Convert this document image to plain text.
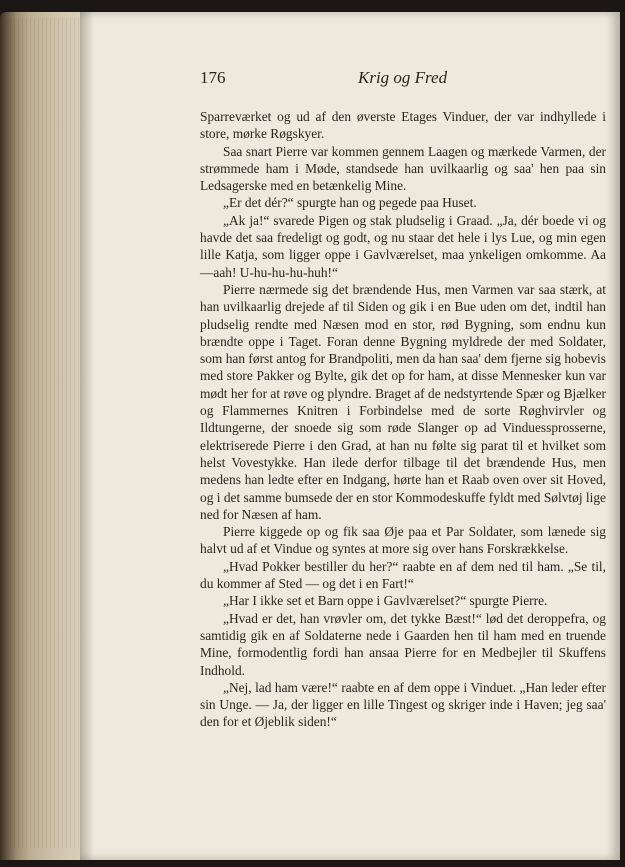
176	Krig og Fred

Sparreværket og ud af den øverste Etages Vinduer, der var indhyllede i store, mørke Røgskyer.

Saa snart Pierre var kommen gennem Laagen og mærkede Varmen, der strømmede ham i Møde, standsede han uvilkaarlig og saa' hen paa sin Ledsagerske med en betænkelig Mine.

„Er det dér?“ spurgte han og pegede paa Huset.

„Ak ja!“ svarede Pigen og stak pludselig i Graad. „Ja, dér boede vi og havde det saa fredeligt og godt, og nu staar det hele i lys Lue, og min egen lille Katja, som ligger oppe i Gavlværelset, maa ynkeligen omkomme. Aa—aah! U-hu-hu-hu-huh!“

Pierre nærmede sig det brændende Hus, men Varmen var saa stærk, at han uvilkaarlig drejede af til Siden og gik i en Bue uden om det, indtil han pludselig rendte med Næsen mod en stor, rød Bygning, som endnu kun brændte oppe i Taget. Foran denne Bygning myldrede der med Soldater, som han først antog for Brandpoliti, men da han saa' dem fjerne sig hobevis med store Pakker og Bylte, gik det op for ham, at disse Mennesker kun var mødt her for at røve og plyndre. Braget af de nedstyrtende Spær og Bjælker og Flammernes Knitren i Forbindelse med de sorte Røghvirvler og Ildtungerne, der snoede sig som røde Slanger op ad Vinduessprosserne, elektriserede Pierre i den Grad, at han nu følte sig parat til et hvilket som helst Vovestykke. Han ilede derfor tilbage til det brændende Hus, men medens han ledte efter en Indgang, hørte han et Raab oven over sit Hoved, og i det samme bumsede der en stor Kommodeskuffe fyldt med Sølvtøj lige ned for Næsen af ham.

Pierre kiggede op og fik saa Øje paa et Par Soldater, som lænede sig halvt ud af et Vindue og syntes at more sig over hans Forskrækkelse.

„Hvad Pokker bestiller du her?“ raabte en af dem ned til ham. „Se til, du kommer af Sted — og det i en Fart!“

„Har I ikke set et Barn oppe i Gavlværelset?“ spurgte Pierre.

„Hvad er det, han vrøvler om, det tykke Bæst!“ lød det deroppefra, og samtidig gik en af Soldaterne nede i Gaarden hen til ham med en truende Mine, formodentlig fordi han ansaa Pierre for en Medbejler til Skuffens Indhold.

„Nej, lad ham være!“ raabte en af dem oppe i Vinduet. „Han leder efter sin Unge. — Ja, der ligger en lille Tingest og skriger inde i Haven; jeg saa' den for et Øjeblik siden!“
